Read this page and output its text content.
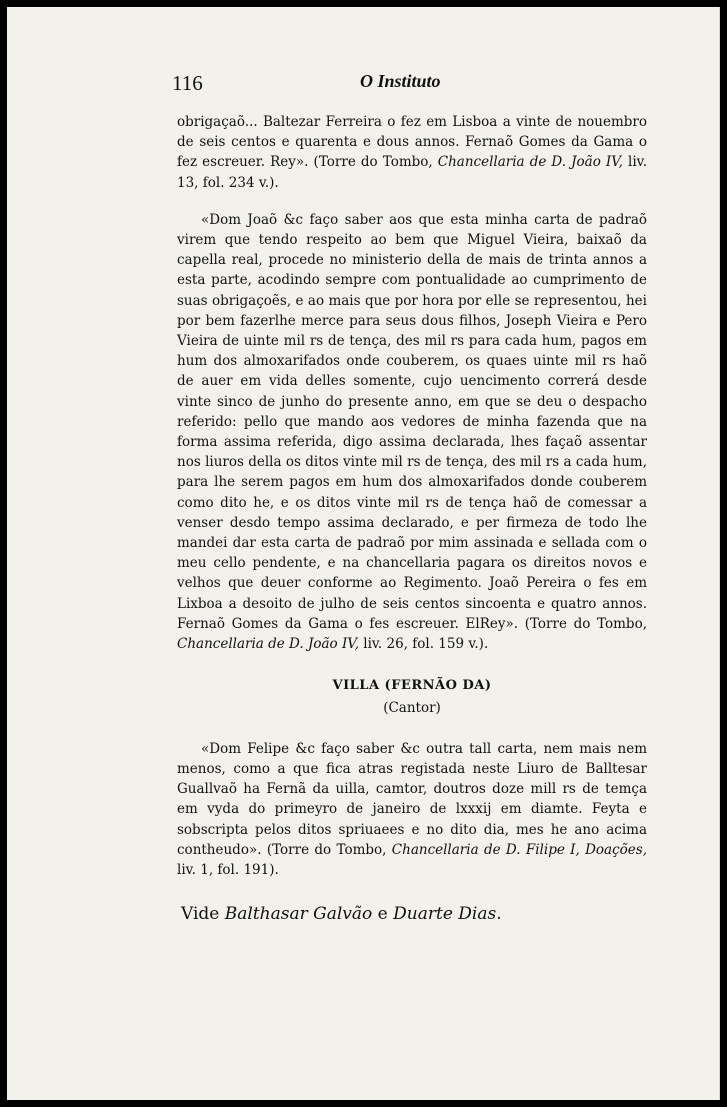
116	O Instituto

obrigaçaõ... Baltezar Ferreira o fez em Lisboa a vinte de nouembro de seis centos e quarenta e dous annos. Fernaõ Gomes da Gama o fez escreuer. Rey». (Torre do Tombo, Chancellaria de D. João IV, liv. 13, fol. 234 v.).

«Dom Joaõ &c faço saber aos que esta minha carta de padraõ virem que tendo respeito ao bem que Miguel Vieira, baixaõ da capella real, procede no ministerio della de mais de trinta annos a esta parte, acodindo sempre com pontualidade ao cumprimento de suas obrigaçoẽs, e ao mais que por hora por elle se representou, hei por bem fazerlhe merce para seus dous filhos, Joseph Vieira e Pero Vieira de uinte mil rs de tença, des mil rs para cada hum, pagos em hum dos almoxarifados onde couberem, os quaes uinte mil rs haõ de auer em vida delles somente, cujo uencimento correrá desde vinte sinco de junho do presente anno, em que se deu o despacho referido: pello que mando aos vedores de minha fazenda que na forma assima referida, digo assima declarada, lhes façaõ assentar nos liuros della os ditos vinte mil rs de tença, des mil rs a cada hum, para lhe serem pagos em hum dos almoxarifados donde couberem como dito he, e os ditos vinte mil rs de tença haõ de comessar a venser desdo tempo assima declarado, e per firmeza de todo lhe mandei dar esta carta de padraõ por mim assinada e sellada com o meu cello pendente, e na chancellaria pagara os direitos novos e velhos que deuer conforme ao Regimento. Joaõ Pereira o fes em Lixboa a desoito de julho de seis centos sincoenta e quatro annos. Fernaõ Gomes da Gama o fes escreuer. ElRey». (Torre do Tombo, Chancellaria de D. João IV, liv. 26, fol. 159 v.).

VILLA (FERNÃO DA)

(Cantor)

«Dom Felipe &c faço saber &c outra tall carta, nem mais nem menos, como a que fica atras registada neste Liuro de Balltesar Guallvaõ ha Fernã da uilla, camtor, doutros doze mill rs de temça em vyda do primeyro de janeiro de lxxxij em diamte. Feyta e sobscripta pelos ditos spriuaees e no dito dia, mes he ano acima contheudo». (Torre do Tombo, Chancellaria de D. Filipe I, Doações, liv. 1, fol. 191).

Vide Balthasar Galvão e Duarte Dias.
